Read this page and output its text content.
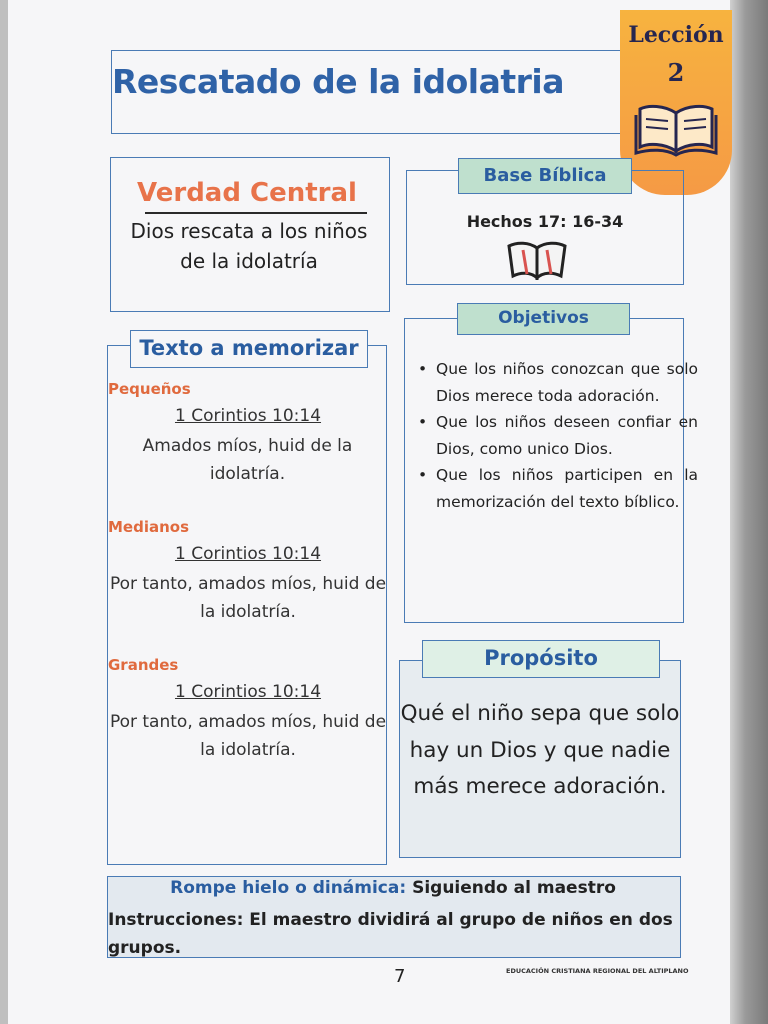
Rescatado de la idolatria
Lección
2
Verdad Central
Dios rescata a los niños de la idolatría
Base Bíblica
Hechos 17: 16-34
Objetivos
• Que los niños conozcan que solo Dios merece toda adoración.
• Que los niños deseen confiar en Dios, como unico Dios.
• Que los niños participen en la memorización del texto bíblico.
Texto a memorizar
Pequeños
1 Corintios 10:14
Amados míos, huid de la idolatría.
Medianos
1 Corintios 10:14
Por tanto, amados míos, huid de la idolatría.
Grandes
1 Corintios 10:14
Por tanto, amados míos, huid de la idolatría.
Propósito
Qué el niño sepa que solo hay un Dios y que nadie más merece adoración.
Rompe hielo o dinámica: Siguiendo al maestro
Instrucciones: El maestro dividirá al grupo de niños en dos grupos.
7	EDUCACIÓN CRISTIANA REGIONAL DEL ALTIPLANO
